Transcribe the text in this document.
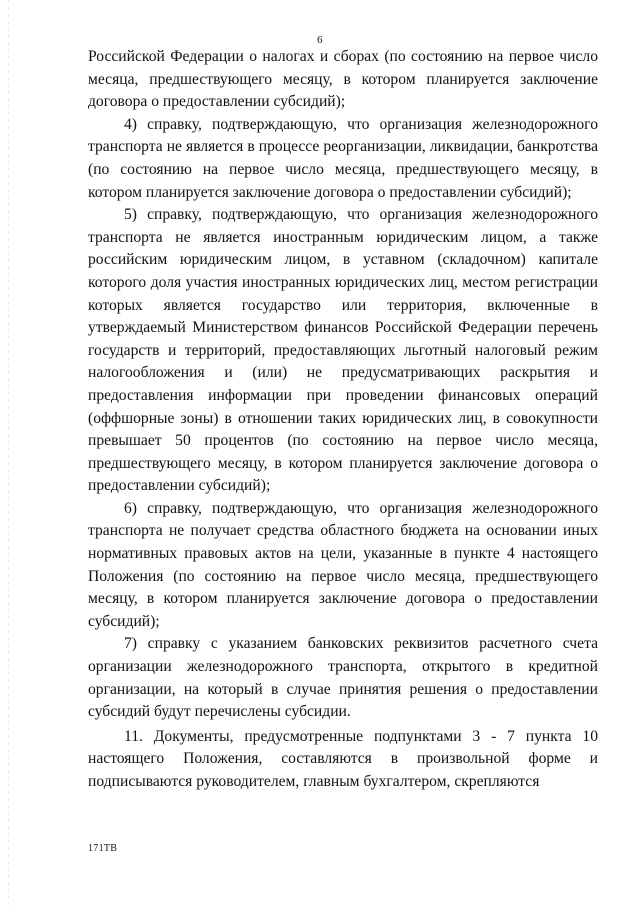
6

Российской Федерации о налогах и сборах (по состоянию на первое число месяца, предшествующего месяцу, в котором планируется заключение договора о предоставлении субсидий);

4) справку, подтверждающую, что организация железнодорожного транспорта не является в процессе реорганизации, ликвидации, банкротства (по состоянию на первое число месяца, предшествующего месяцу, в котором планируется заключение договора о предоставлении субсидий);

5) справку, подтверждающую, что организация железнодорожного транспорта не является иностранным юридическим лицом, а также российским юридическим лицом, в уставном (складочном) капитале которого доля участия иностранных юридических лиц, местом регистрации которых является государство или территория, включенные в утверждаемый Министерством финансов Российской Федерации перечень государств и территорий, предоставляющих льготный налоговый режим налогообложения и (или) не предусматривающих раскрытия и предоставления информации при проведении финансовых операций (оффшорные зоны) в отношении таких юридических лиц, в совокупности превышает 50 процентов (по состоянию на первое число месяца, предшествующего месяцу, в котором планируется заключение договора о предоставлении субсидий);

6) справку, подтверждающую, что организация железнодорожного транспорта не получает средства областного бюджета на основании иных нормативных правовых актов на цели, указанные в пункте 4 настоящего Положения (по состоянию на первое число месяца, предшествующего месяцу, в котором планируется заключение договора о предоставлении субсидий);

7) справку с указанием банковских реквизитов расчетного счета организации железнодорожного транспорта, открытого в кредитной организации, на который в случае принятия решения о предоставлении субсидий будут перечислены субсидии.

11. Документы, предусмотренные подпунктами 3 - 7 пункта 10 настоящего Положения, составляются в произвольной форме и подписываются руководителем, главным бухгалтером, скрепляются

171ТВ
